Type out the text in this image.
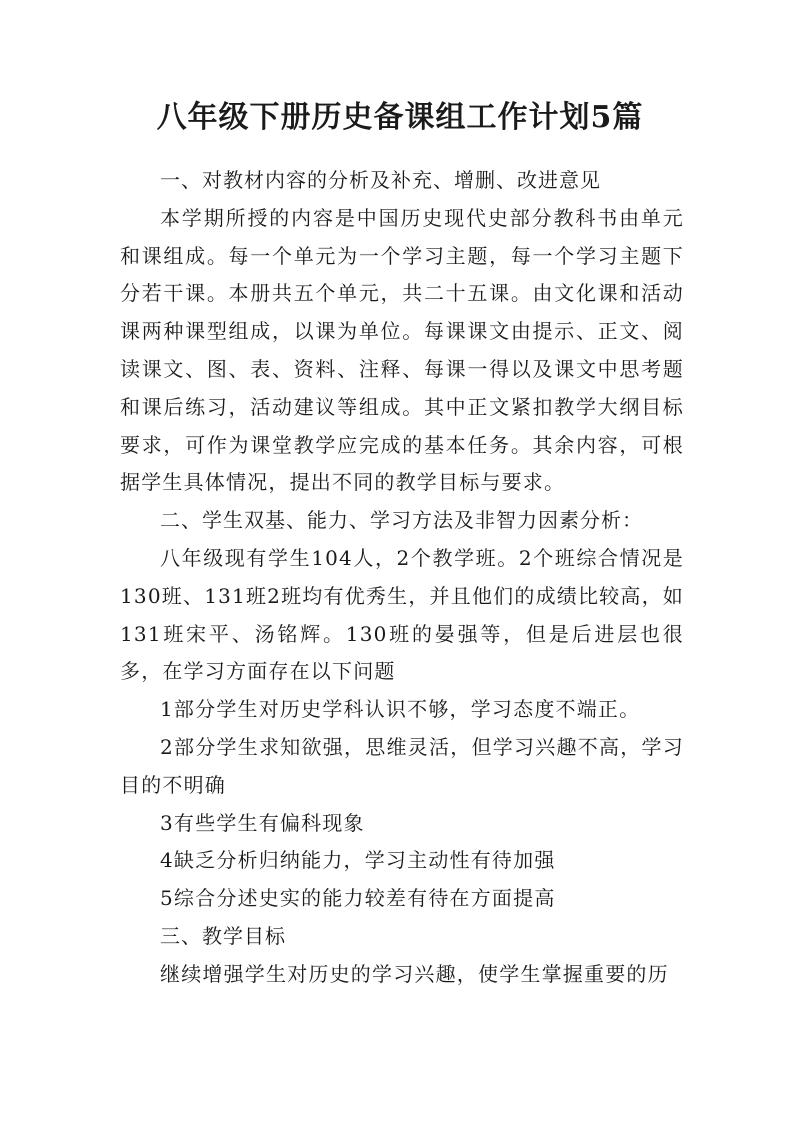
八年级下册历史备课组工作计划5篇

一、对教材内容的分析及补充、增删、改进意见

本学期所授的内容是中国历史现代史部分教科书由单元和课组成。每一个单元为一个学习主题，每一个学习主题下分若干课。本册共五个单元，共二十五课。由文化课和活动课两种课型组成，以课为单位。每课课文由提示、正文、阅读课文、图、表、资料、注释、每课一得以及课文中思考题和课后练习，活动建议等组成。其中正文紧扣教学大纲目标要求，可作为课堂教学应完成的基本任务。其余内容，可根据学生具体情况，提出不同的教学目标与要求。

二、学生双基、能力、学习方法及非智力因素分析：

八年级现有学生104人，2个教学班。2个班综合情况是130班、131班2班均有优秀生，并且他们的成绩比较高，如131班宋平、汤铭辉。130班的晏强等，但是后进层也很多，在学习方面存在以下问题

1部分学生对历史学科认识不够，学习态度不端正。

2部分学生求知欲强，思维灵活，但学习兴趣不高，学习目的不明确

3有些学生有偏科现象

4缺乏分析归纳能力，学习主动性有待加强

5综合分述史实的能力较差有待在方面提高

三、教学目标

继续增强学生对历史的学习兴趣，使学生掌握重要的历
